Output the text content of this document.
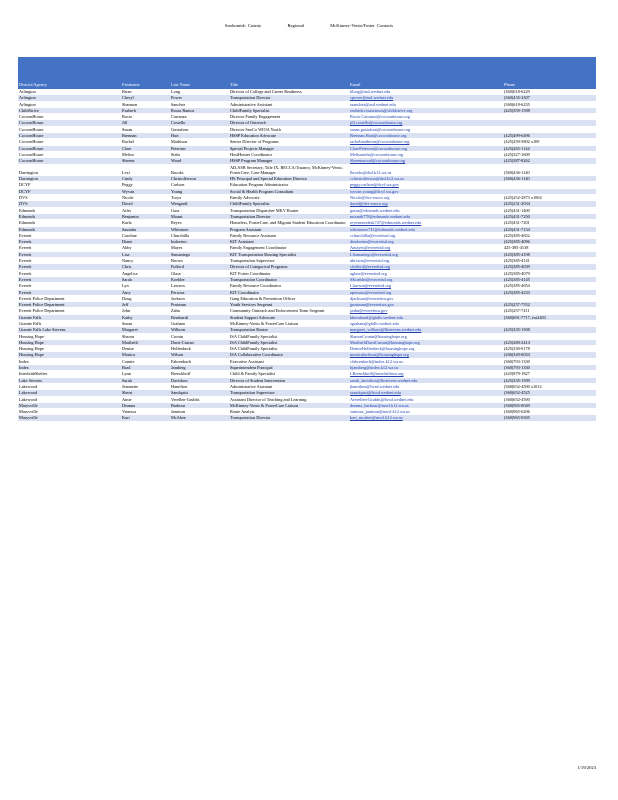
Snohomish County	Regional	McKinney-Vento/Foster Contacts
District/Agency	Firstname	Last Name	Title	Email	Phone
Arlington	Brian	Long	Director of College and Career Readiness	blong@asd.wednet.edu	(360)618-6229
Arlington	Cheryl	Power	Transportation Director	cpower@asd.wednet.edu	(360)435-2307
Arlington	Shannon	Sanchez	Administrative Assistant	ssanchez@asd.wednet.edu	(360)618-6235
ChildStrive	Eruberh	Rosas Ramos	ChildFamily Specialist	eruberh.rosasramos@childstrive.org	(425)359-1598
CocoonHouse	Rocio	Carranza	Director Family Engagement	Rocio.Carranza@cocoonhouse.org	
CocoonHouse	Jill	Costello	Director of Outreach	jill.costello@cocoonhouse.org	
CocoonHouse	Susan	Gustafson	Director SnoCo WIOA Youth	susan.gustafson@cocoonhouse.org	
CocoonHouse	Brennan	Hart	HSSP Education Advocate	Brennan.Hart@cocoonhouse.org	(425)499-6496
CocoonHouse	Rachel	Mathison	Senior Director of Programs	rachelmathison@cocoonhouse.org	(425)259-5802 x109
CocoonHouse	Clare	Petersen	Special Projects Manager	ClarePetersen@cocoonhouse.org	(425)265-1144
CocoonHouse	Melisa	Stahr	HostHomes Coordinator	Melisastahr@cocoonhouse.org	(425)327-1609
CocoonHouse	Sheena	Wood	HSSP Program Manager	Sheenawood@cocoonhouse.org	(425)387-8262
Darrington	Lexi	Brooks	AD,ASB Secretary, Title IX, BECCA/Truancy, McKinney-Vento, FosterCare, Case Manager	lbrooks@dsd.k12.wa.us	(360)436-1140
Darrington	Cindy	Christofferson	HS Principal and Special Education Director	cchristofferson@dsd.k12.wa.us	(360)436-1140
DCYF	Peggy	Carlson	Education Program Administrator	peggy.carlson@dcyf.wa.gov	
DCYF	Wyvan	Young	Social & Health Program Consultant	wyvan.young@dcyf.wa.gov	
DVS	Nicole	Troya	Family Advocate	Nicole@dvs-snoco.org	(425)252-2873 x1004
DVS	David	Wengardt	ChildFamily Specialist	david@dvs-snoco.org	(425)231-2034
Edmonds	Arlet	Gass	Transportation Dispatcher MKV Router	gassa@edmonds.wednet.edu	(425)431-1400
Edmonds	Benjamin	Mount	Transportation Director	mountb778@edmonds.wednet.edu	(425)431-7250
Edmonds	Karla	Reyes	Homeless, FosterCare, and Migrant Student Education Coordinator	reyesmendezk747@edmonds.wednet.edu	(425)431-7201
Edmonds	Saundra	Whitmore	Program Assistant	whitmores741@edmonds.wednet.edu	(425)431-7134
Everett	Caroline	Churchilla	Family Resource Assistant	cchurchilla@everettsd.org	(425)385-4652
Everett	Diane	Indovino	KIT Assistant	dindovino@everettsd.org	(425)385-4096
Everett	Abby	Mayes	Family Engagement Coordinator	Amayes@everettsd.org	425-385-4138
Everett	Lisa	Samaniego	KIT Transportation Routing Specialist	LSamaniego@everettsd.org	(425)385-4198
Everett	Nancy	Brown	Transportation Supervisor	nbrown@everettsd.org	(425)385-4141
Everett	Chris	Fulford	Director of Categorical Programs	cfulford@everettsd.org	(425)385-4039
Everett	Angelica	Glase	KIT Foster Coordinator	aglase@everettsd.org	(425)385-4079
Everett	Sarah	Koehler	Transportation Coordinator	SKoehler@everettsd.org	(425)385-4145
Everett	Lyn	Lawson	Family Resource Coordinator	Llawson@everettsd.org	(425)385-4654
Everett	Amy	Persons	KIT Coordinator	apersons@everettsd.org	(425)385-4233
Everett Police Department	Doug	Jackson	Gang Education & Prevention Officer	djackson@everettwa.gov	
Everett Police Department	Jeff	Postman	Youth Services Sergeant	jpostman@everettwa.gov	(425)257-7552
Everett Police Department	John	Zahn	Community Outreach and Enforcement Team Sergeant	jzahn@everettwa.gov	(425)257-7411
Granite Falls	Kathy	Bernhardt	Student Support Advocate	kbernhardt@gfalls.wednet.edu	(360)691-7717, ext2403
Granite Falls	Susan	Graham	McKinney-Vento & FosterCare Liaison	sgraham@gfalls.wednet.edu	
Granite Falls Lake Stevens	Margaret	Wilborn	Transportation Router	margaret_wilborn@lkstevens.wednet.edu	(425)335-1508
Housing Hope	Sharon	Cronin	ISA ChildFamily Specialist	SharonCronin@housinghope.org	
Housing Hope	Maribeth	Darst-Curran	ISA ChildFamily Specialist	MaribethDarstCurran@housinghope.org	(425)280-2414
Housing Hope	Denise	Hollenbeck	ISA ChildFamily Specialist	DeniseHollenbeck@housinghope.org	(425)330-0178
Housing Hope	Monica	Wilson	ISA Collaborative Coordinator	monicabwilson@housinghope.org	(206)349-6054
Index	Connie	Fahrenbach	Executive Assistant	cfahrenbach@index.k12.wa.us	(360)793-1330
Index	Brad	Jamberg	Superintendent Principal	bjamberg@index.k12.wa.us	(360)793-1330
InterfaithShelter	Lynn	Brenckhoff	Child & Family Specialist	LBrenckhoff@interfaithwa.org	(425)879-1827
Lake Stevens	Sarah	Davidson	Director of Student Intervention	sarah_davidson@lkstevens.wednet.edu	(425)335-1509
Lakewood	Jeannette	Hamilton	Administrative Assistant	jhamilton@lwsd.wednet.edu	(360)652-4500 x1012
Lakewood	Sherri	Sandquist	Transportation Supervisor	ssandquist@lwsd.wednet.edu	(360)652-4525
Lakewood	Amie	Verellen-Grubbs	Assistant Director of Teaching and Learning	Averellen-Grubbs@lwsd.wednet.edu	(360)652-4500
Marysville	Deanna	Barbour	McKinney-Vento & FosterCare Liaison	deanna_barbour@msvl.k12.wa.us	(360)965-0049
Marysville	Vanessa	Jamison	Route Analyst	vanessa_jamison@msvl.k12.wa.us	(360)965-0206
Marysville	Kari	McAbee	Transportation Director	kari_mcabee@msvl.k12.wa.us	(360)965-0305
1/19/2023
